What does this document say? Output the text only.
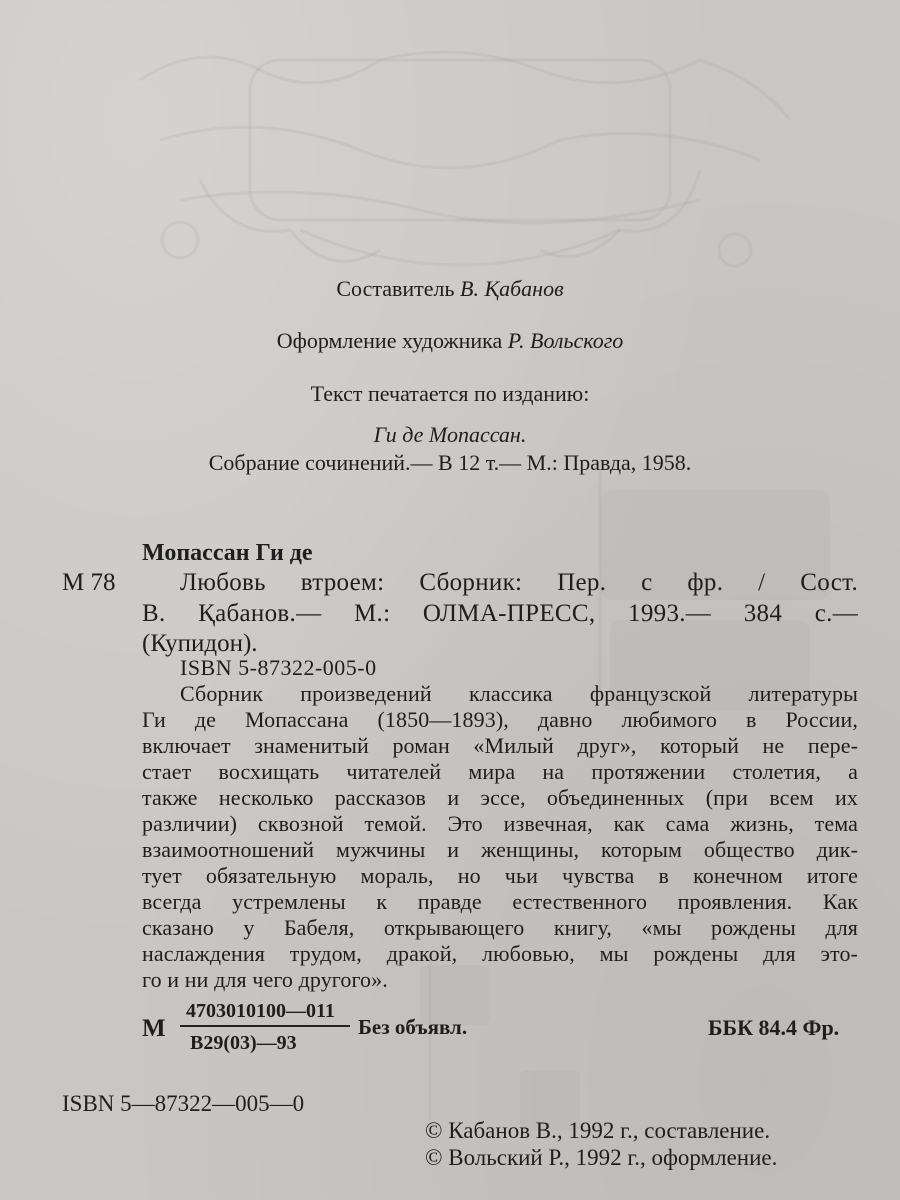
Составитель В. Қабанов
Оформление художника Р. Вольского
Текст печатается по изданию:
Ги де Мопассан.
Собрание сочинений.— В 12 т.— М.: Правда, 1958.
Мопассан Ги де
М 78	Любовь втроем: Сборник: Пер. с фр. / Сост.
В. Қабанов.— М.: ОЛМА-ПРЕСС, 1993.— 384 с.—
(Купидон).
ISBN 5-87322-005-0
Сборник произведений классика французской литературы
Ги де Мопассана (1850—1893), давно любимого в России,
включает знаменитый роман «Милый друг», который не пере-
стает восхищать читателей мира на протяжении столетия, а
также несколько рассказов и эссе, объединенных (при всем их
различии) сквозной темой. Это извечная, как сама жизнь, тема
взаимоотношений мужчины и женщины, которым общество дик-
тует обязательную мораль, но чьи чувства в конечном итоге
всегда устремлены к правде естественного проявления. Как
сказано у Бабеля, открывающего книгу, «мы рождены для
наслаждения трудом, дракой, любовью, мы рождены для это-
го и ни для чего другого».
М
4703010100—011
В29(03)—93
Без объявл.	ББК 84.4 Фр.
ISBN 5—87322—005—0
© Кабанов В., 1992 г., составление.
© Вольский Р., 1992 г., оформление.
